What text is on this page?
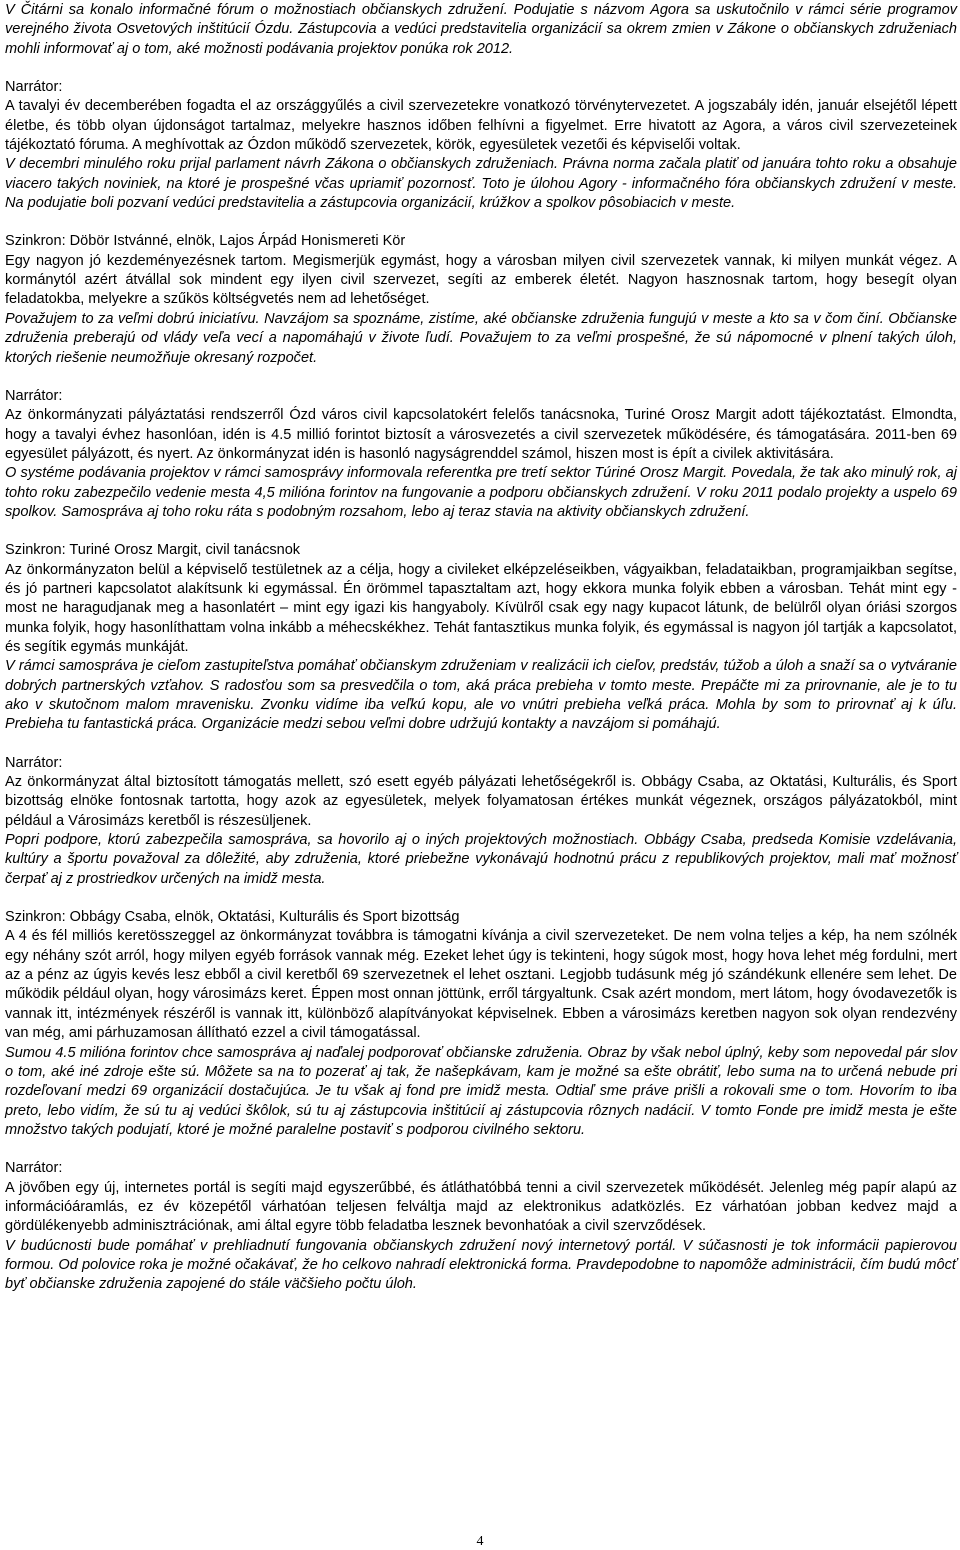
V Čitárni sa konalo informačné fórum o možnostiach občianskych združení. Podujatie s názvom Agora sa uskutočnilo v rámci série programov verejného života Osvetových inštitúcií Ózdu. Zástupcovia a vedúci predstavitelia organizácií sa okrem zmien v Zákone o občianskych združeniach mohli informovať aj o tom, aké možnosti podávania projektov ponúka rok 2012.

Narrátor:

A tavalyi év decemberében fogadta el az országgyűlés a civil szervezetekre vonatkozó törvénytervezetet. A jogszabály idén, január elsejétől lépett életbe, és több olyan újdonságot tartalmaz, melyekre hasznos időben felhívni a figyelmet. Erre hivatott az Agora, a város civil szervezeteinek tájékoztató fóruma. A meghívottak az Ózdon működő szervezetek, körök, egyesületek vezetői és képviselői voltak.

V decembri minulého roku prijal parlament návrh Zákona o občianskych združeniach. Právna norma začala platiť od januára tohto roku a obsahuje viacero takých noviniek, na ktoré je prospešné včas upriamiť pozornosť. Toto je úlohou Agory - informačného fóra občianskych združení v meste. Na podujatie boli pozvaní vedúci predstavitelia a zástupcovia organizácií, krúžkov a spolkov pôsobiacich v meste.

Szinkron: Döbör Istvánné, elnök, Lajos Árpád Honismereti Kör

Egy nagyon jó kezdeményezésnek tartom. Megismerjük egymást, hogy a városban milyen civil szervezetek vannak, ki milyen munkát végez. A kormánytól azért átvállal sok mindent egy ilyen civil szervezet, segíti az emberek életét. Nagyon hasznosnak tartom, hogy besegít olyan feladatokba, melyekre a szűkös költségvetés nem ad lehetőséget.

Považujem to za veľmi dobrú iniciatívu. Navzájom sa spoznáme, zistíme, aké občianske združenia fungujú v meste a kto sa v čom činí. Občianske združenia preberajú od vlády veľa vecí a napomáhajú v živote ľudí. Považujem to za veľmi prospešné, že sú nápomocné v plnení takých úloh, ktorých riešenie neumožňuje okresaný rozpočet.

Narrátor:

Az önkormányzati pályáztatási rendszerről Ózd város civil kapcsolatokért felelős tanácsnoka, Turiné Orosz Margit adott tájékoztatást. Elmondta, hogy a tavalyi évhez hasonlóan, idén is 4.5 millió forintot biztosít a városvezetés a civil szervezetek működésére, és támogatására. 2011-ben 69 egyesület pályázott, és nyert. Az önkormányzat idén is hasonló nagyságrenddel számol, hiszen most is épít a civilek aktivitására.

O systéme podávania projektov v rámci samosprávy informovala referentka pre tretí sektor Túriné Orosz Margit. Povedala, že tak ako minulý rok, aj tohto roku zabezpečilo vedenie mesta 4,5 milióna forintov na fungovanie a podporu občianskych združení. V roku 2011 podalo projekty a uspelo 69 spolkov. Samospráva aj toho roku ráta s podobným rozsahom, lebo aj teraz stavia na aktivity občianskych združení.

Szinkron: Turiné Orosz Margit, civil tanácsnok

Az önkormányzaton belül a képviselő testületnek az a célja, hogy a civileket elképzeléseikben, vágyaikban, feladataikban, programjaikban segítse, és jó partneri kapcsolatot alakítsunk ki egymással. Én örömmel tapasztaltam azt, hogy ekkora munka folyik ebben a városban. Tehát mint egy - most ne haragudjanak meg a hasonlatért – mint egy igazi kis hangyaboly. Kívülről csak egy nagy kupacot látunk, de belülről olyan óriási szorgos munka folyik, hogy hasonlíthattam volna inkább a méhecskékhez. Tehát fantasztikus munka folyik, és egymással is nagyon jól tartják a kapcsolatot, és segítik egymás munkáját.

V rámci samospráva je cieľom zastupiteľstva pomáhať občianskym združeniam v realizácii ich cieľov, predstáv, túžob a úloh a snaží sa o vytváranie dobrých partnerských vzťahov. S radosťou som sa presvedčila o tom, aká práca prebieha v tomto meste. Prepáčte mi za prirovnanie, ale je to tu ako v skutočnom malom mravenisku. Zvonku vidíme iba veľkú kopu, ale vo vnútri prebieha veľká práca. Mohla by som to prirovnať aj k úľu. Prebieha tu fantastická práca. Organizácie medzi sebou veľmi dobre udržujú kontakty a navzájom si pomáhajú.

Narrátor:

Az önkormányzat által biztosított támogatás mellett, szó esett egyéb pályázati lehetőségekről is. Obbágy Csaba, az Oktatási, Kulturális, és Sport bizottság elnöke fontosnak tartotta, hogy azok az egyesületek, melyek folyamatosan értékes munkát végeznek, országos pályázatokból, mint például a Városimázs keretből is részesüljenek.

Popri podpore, ktorú zabezpečila samospráva, sa hovorilo aj o iných projektových možnostiach. Obbágy Csaba, predseda Komisie vzdelávania, kultúry a športu považoval za dôležité, aby združenia, ktoré priebežne vykonávajú hodnotnú prácu z republikových projektov, mali mať možnosť čerpať aj z prostriedkov určených na imidž mesta.

Szinkron: Obbágy Csaba, elnök, Oktatási, Kulturális és Sport bizottság

A 4 és fél milliós keretösszeggel az önkormányzat továbbra is támogatni kívánja a civil szervezeteket. De nem volna teljes a kép, ha nem szólnék egy néhány szót arról, hogy milyen egyéb források vannak még. Ezeket lehet úgy is tekinteni, hogy súgok most, hogy hova lehet még fordulni, mert az a pénz az úgyis kevés lesz ebből a civil keretből 69 szervezetnek el lehet osztani. Legjobb tudásunk még jó szándékunk ellenére sem lehet. De működik például olyan, hogy városimázs keret. Éppen most onnan jöttünk, erről tárgyaltunk. Csak azért mondom, mert látom, hogy óvodavezetők is vannak itt, intézmények részéről is vannak itt, különböző alapítványokat képviselnek. Ebben a városimázs keretben nagyon sok olyan rendezvény van még, ami párhuzamosan állítható ezzel a civil támogatással.

Sumou 4.5 milióna forintov chce samospráva aj naďalej podporovať občianske združenia. Obraz by však nebol úplný, keby som nepovedal pár slov o tom, aké iné zdroje ešte sú. Môžete sa na to pozerať aj tak, že našepkávam, kam je možné sa ešte obrátiť, lebo suma na to určená nebude pri rozdeľovaní medzi 69 organizácií dostačujúca. Je tu však aj fond pre imidž mesta. Odtiaľ sme práve prišli a rokovali sme o tom. Hovorím to iba preto, lebo vidím, že sú tu aj vedúci škôlok, sú tu aj zástupcovia inštitúcií aj zástupcovia rôznych nadácií. V tomto Fonde pre imidž mesta je ešte množstvo takých podujatí, ktoré je možné paralelne postaviť s podporou civilného sektoru.

Narrátor:

A jövőben egy új, internetes portál is segíti majd egyszerűbbé, és átláthatóbbá tenni a civil szervezetek működését. Jelenleg még papír alapú az információáramlás, ez év közepétől várhatóan teljesen felváltja majd az elektronikus adatközlés. Ez várhatóan jobban kedvez majd a gördülékenyebb adminisztrációnak, ami által egyre több feladatba lesznek bevonhatóak a civil szervződések.

V budúcnosti bude pomáhať v prehliadnutí fungovania občianskych združení nový internetový portál. V súčasnosti je tok informácii papierovou formou. Od polovice roka je možné očakávať, že ho celkovo nahradí elektronická forma. Pravdepodobne to napomôže administrácii, čím budú môcť byť občianske združenia zapojené do stále väčšieho počtu úloh.

4
